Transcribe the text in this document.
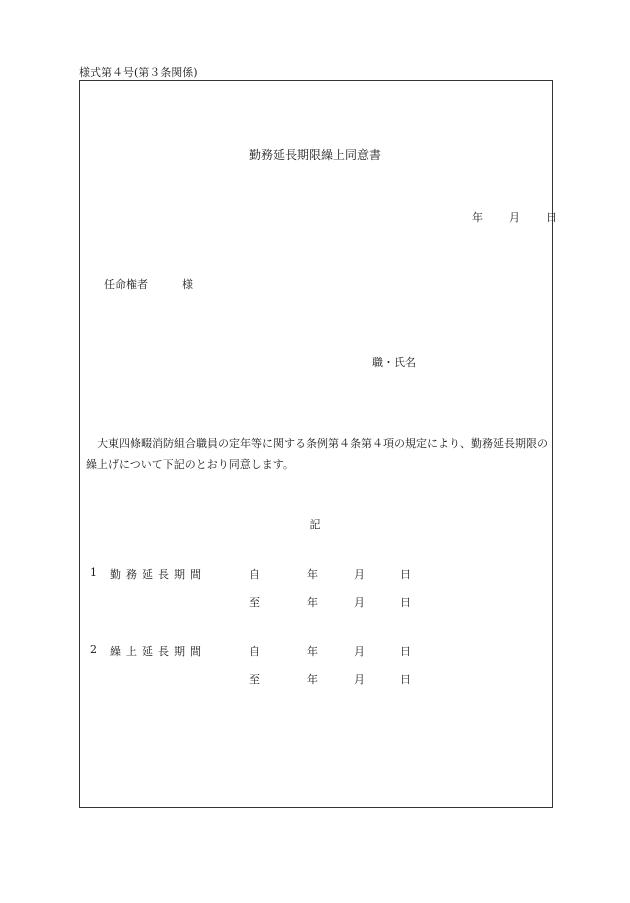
様式第４号(第３条関係)
勤務延長期限繰上同意書
年 月 日
任命権者	様
職・氏名
大東四條畷消防組合職員の定年等に関する条例第４条第４項の規定により、勤務延長期限の繰上げについて下記のとおり同意します。
記
1 勤務延長期間	自	年	月	日
至	年	月	日
2 繰上延長期間	自	年	月	日
至	年	月	日
